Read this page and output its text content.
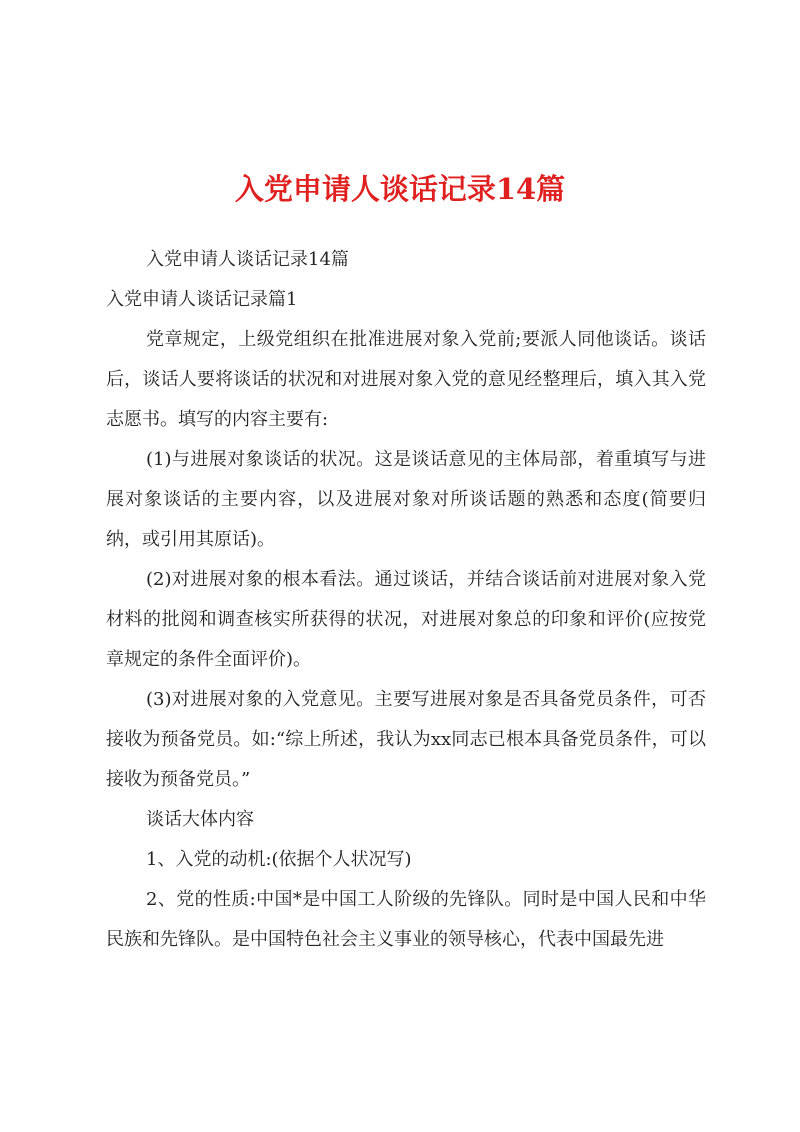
入党申请人谈话记录14篇

入党申请人谈话记录14篇

入党申请人谈话记录篇1

党章规定，上级党组织在批准进展对象入党前;要派人同他谈话。谈话后，谈话人要将谈话的状况和对进展对象入党的意见经整理后，填入其入党志愿书。填写的内容主要有:

(1)与进展对象谈话的状况。这是谈话意见的主体局部，着重填写与进展对象谈话的主要内容，以及进展对象对所谈话题的熟悉和态度(简要归纳，或引用其原话)。

(2)对进展对象的根本看法。通过谈话，并结合谈话前对进展对象入党材料的批阅和调查核实所获得的状况，对进展对象总的印象和评价(应按党章规定的条件全面评价)。

(3)对进展对象的入党意见。主要写进展对象是否具备党员条件，可否接收为预备党员。如:“综上所述，我认为xx同志已根本具备党员条件，可以接收为预备党员。”

谈话大体内容

1、入党的动机:(依据个人状况写)

2、党的性质:中国*是中国工人阶级的先锋队。同时是中国人民和中华民族和先锋队。是中国特色社会主义事业的领导核心，代表中国最先进
